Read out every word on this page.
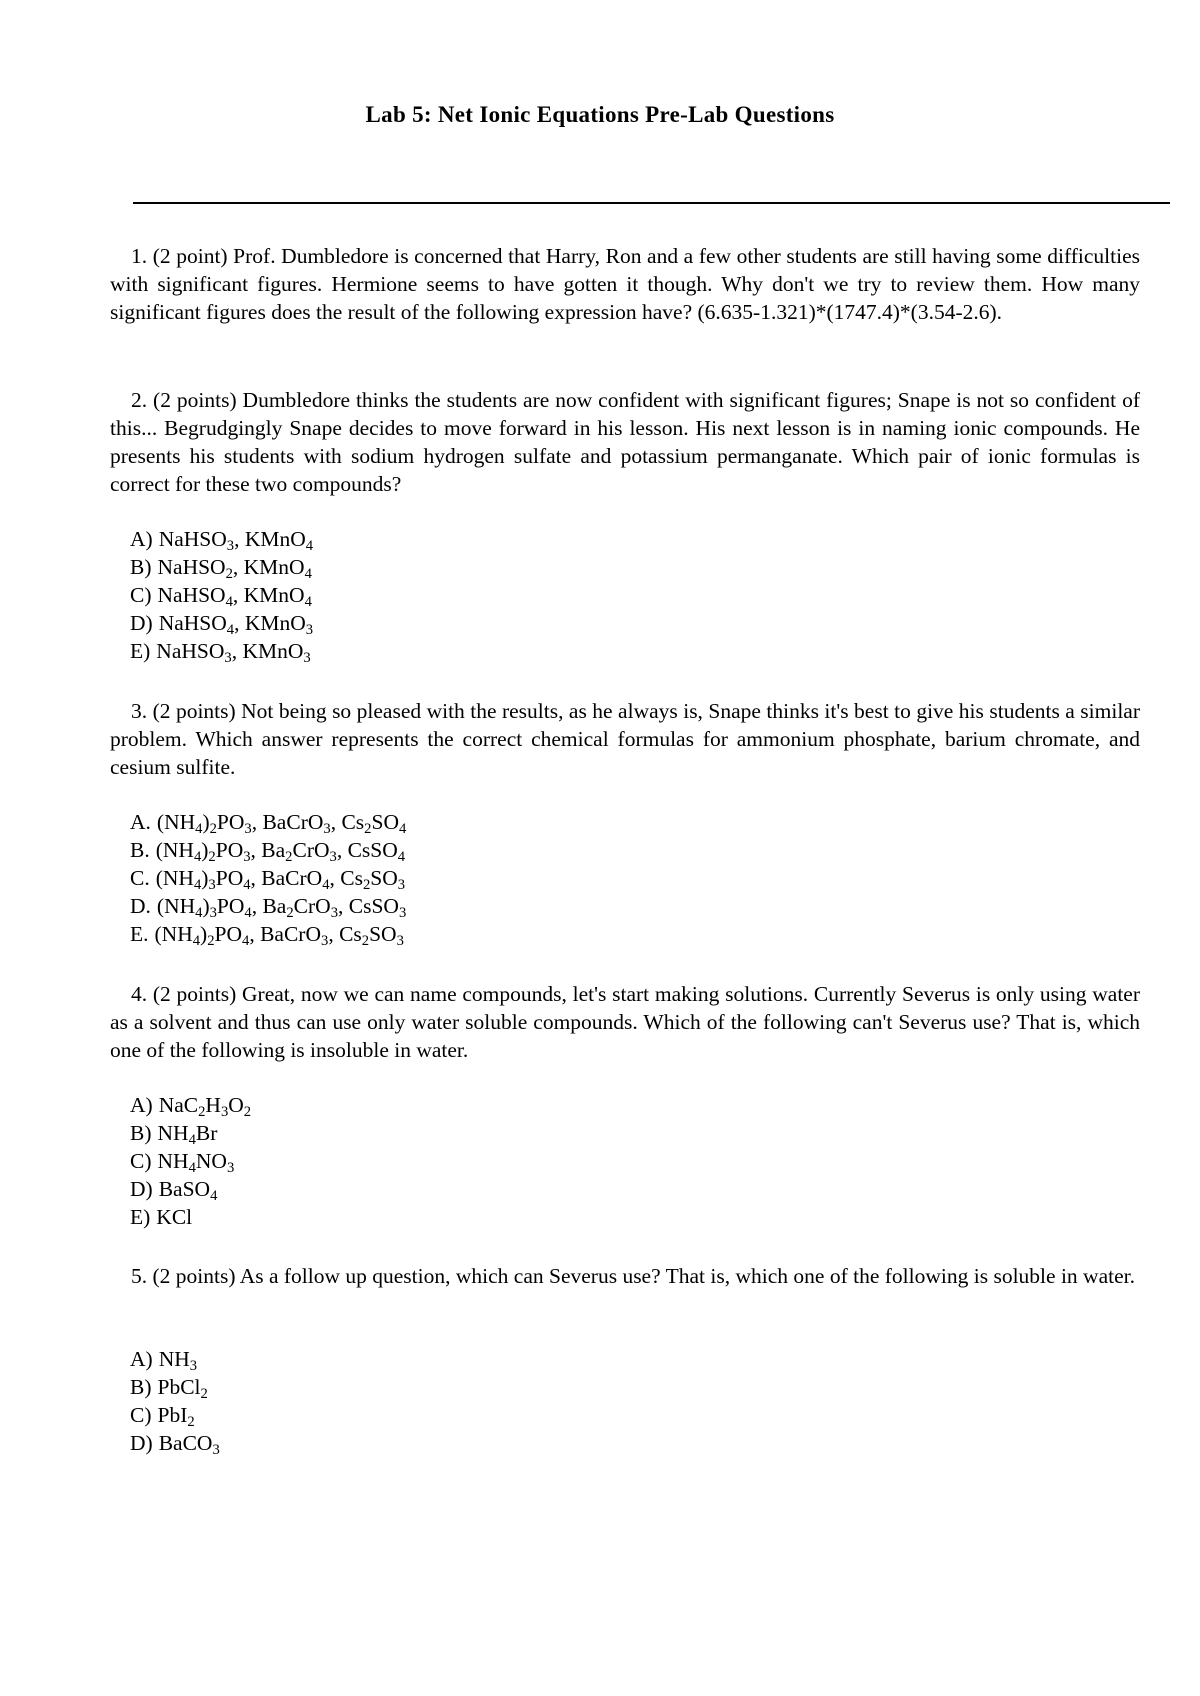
Lab 5: Net Ionic Equations Pre-Lab Questions

1. (2 point) Prof. Dumbledore is concerned that Harry, Ron and a few other students are still having some difficulties with significant figures. Hermione seems to have gotten it though. Why don't we try to review them. How many significant figures does the result of the following expression have? (6.635-1.321)*(1747.4)*(3.54-2.6).

2. (2 points) Dumbledore thinks the students are now confident with significant figures; Snape is not so confident of this... Begrudgingly Snape decides to move forward in his lesson. His next lesson is in naming ionic compounds. He presents his students with sodium hydrogen sulfate and potassium permanganate. Which pair of ionic formulas is correct for these two compounds?

A) NaHSO$_3$, KMnO$_4$
B) NaHSO$_2$, KMnO$_4$
C) NaHSO$_4$, KMnO$_4$
D) NaHSO$_4$, KMnO$_3$
E) NaHSO$_3$, KMnO$_3$

3. (2 points) Not being so pleased with the results, as he always is, Snape thinks it's best to give his students a similar problem. Which answer represents the correct chemical formulas for ammonium phosphate, barium chromate, and cesium sulfite.

A. $(NH_4)_2PO_3$, BaCrO$_3$, $Cs_2SO_4$
B. $(NH_4)_2PO_3$, $Ba_2CrO_3$, CsSO$_4$
C. $(NH_4)_3PO_4$, BaCrO$_4$, $Cs_2SO_3$
D. $(NH_4)_3PO_4$, $Ba_2CrO_3$, CsSO$_3$
E. $(NH_4)_2PO_4$, BaCrO$_3$, $Cs_2SO_3$

4. (2 points) Great, now we can name compounds, let's start making solutions. Currently Severus is only using water as a solvent and thus can use only water soluble compounds. Which of the following can't Severus use? That is, which one of the following is insoluble in water.

A) $NaC_2H_3O_2$
B) $NH_4Br$
C) $NH_4NO_3$
D) BaSO$_4$
E) KCl

5. (2 points) As a follow up question, which can Severus use? That is, which one of the following is soluble in water.

A) $NH_3$
B) PbCl$_2$
C) PbI$_2$
D) BaCO$_3$
